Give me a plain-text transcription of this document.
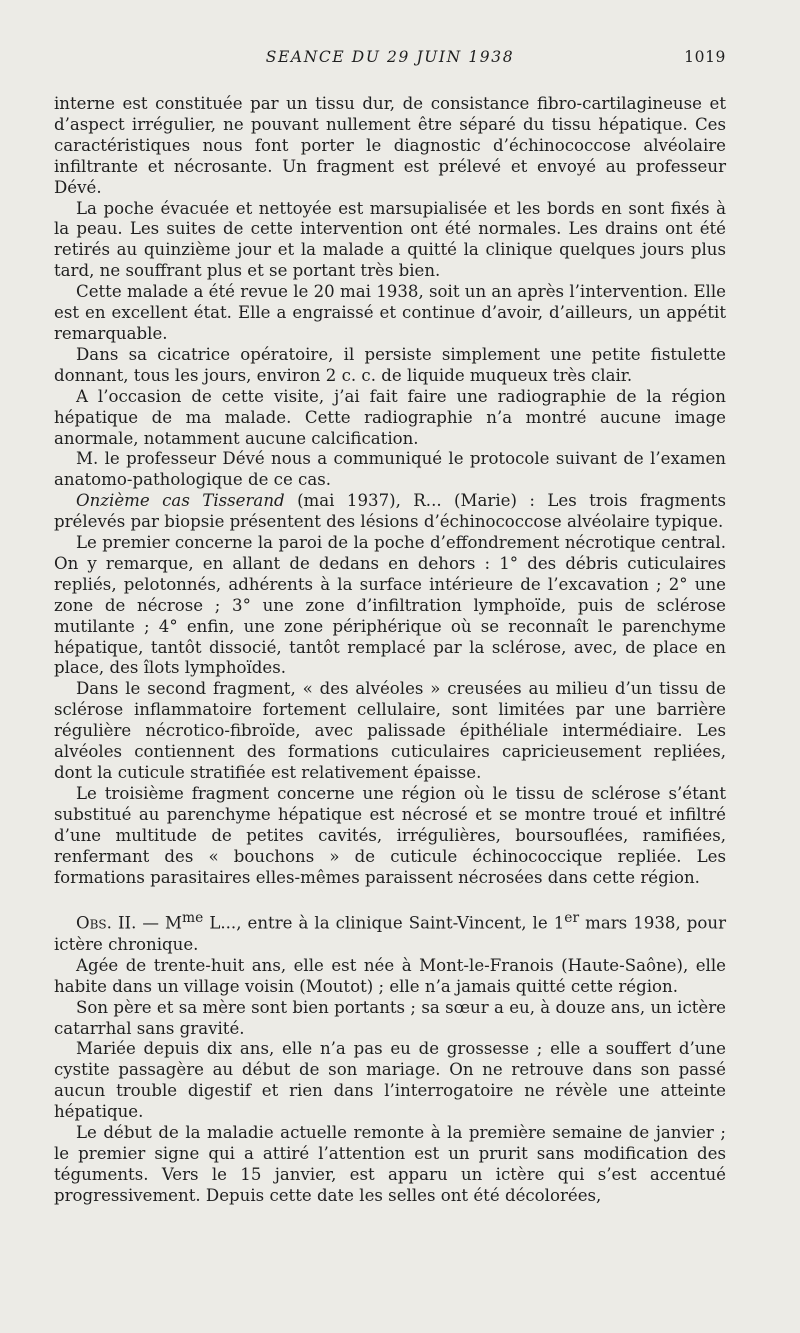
SEANCE DU 29 JUIN 1938	1019

interne est constituée par un tissu dur, de consistance fibro-cartilagineuse et d’aspect irrégulier, ne pouvant nullement être séparé du tissu hépatique. Ces caractéristiques nous font porter le diagnostic d’échinococcose alvéolaire infiltrante et nécrosante. Un fragment est prélevé et envoyé au professeur Dévé.

La poche évacuée et nettoyée est marsupialisée et les bords en sont fixés à la peau. Les suites de cette intervention ont été normales. Les drains ont été retirés au quinzième jour et la malade a quitté la clinique quelques jours plus tard, ne souffrant plus et se portant très bien.

Cette malade a été revue le 20 mai 1938, soit un an après l’intervention. Elle est en excellent état. Elle a engraissé et continue d’avoir, d’ailleurs, un appétit remarquable.

Dans sa cicatrice opératoire, il persiste simplement une petite fistulette donnant, tous les jours, environ 2 c. c. de liquide muqueux très clair.

A l’occasion de cette visite, j’ai fait faire une radiographie de la région hépatique de ma malade. Cette radiographie n’a montré aucune image anormale, notamment aucune calcification.

M. le professeur Dévé nous a communiqué le protocole suivant de l’examen anatomo-pathologique de ce cas.

Onzième cas Tisserand (mai 1937), R... (Marie) : Les trois fragments prélevés par biopsie présentent des lésions d’échinococcose alvéolaire typique.

Le premier concerne la paroi de la poche d’effondrement nécrotique central. On y remarque, en allant de dedans en dehors : 1° des débris cuticulaires repliés, pelotonnés, adhérents à la surface intérieure de l’excavation ; 2° une zone de nécrose ; 3° une zone d’infiltration lymphoïde, puis de sclérose mutilante ; 4° enfin, une zone périphérique où se reconnaît le parenchyme hépatique, tantôt dissocié, tantôt remplacé par la sclérose, avec, de place en place, des îlots lymphoïdes.

Dans le second fragment, « des alvéoles » creusées au milieu d’un tissu de sclérose inflammatoire fortement cellulaire, sont limitées par une barrière régulière nécrotico-fibroïde, avec palissade épithéliale intermédiaire. Les alvéoles contiennent des formations cuticulaires capricieusement repliées, dont la cuticule stratifiée est relativement épaisse.

Le troisième fragment concerne une région où le tissu de sclérose s’étant substitué au parenchyme hépatique est nécrosé et se montre troué et infiltré d’une multitude de petites cavités, irrégulières, boursouflées, ramifiées, renfermant des « bouchons » de cuticule échinococcique repliée. Les formations parasitaires elles-mêmes paraissent nécrosées dans cette région.

Obs. II. — $M^{me}$ L..., entre à la clinique Saint-Vincent, le 1er mars 1938, pour ictère chronique.

Agée de trente-huit ans, elle est née à Mont-le-Franois (Haute-Saône), elle habite dans un village voisin (Moutot) ; elle n’a jamais quitté cette région.

Son père et sa mère sont bien portants ; sa sœur a eu, à douze ans, un ictère catarrhal sans gravité.

Mariée depuis dix ans, elle n’a pas eu de grossesse ; elle a souffert d’une cystite passagère au début de son mariage. On ne retrouve dans son passé aucun trouble digestif et rien dans l’interrogatoire ne révèle une atteinte hépatique.

Le début de la maladie actuelle remonte à la première semaine de janvier ; le premier signe qui a attiré l’attention est un prurit sans modification des téguments. Vers le 15 janvier, est apparu un ictère qui s’est accentué progressivement. Depuis cette date les selles ont été décolorées,
